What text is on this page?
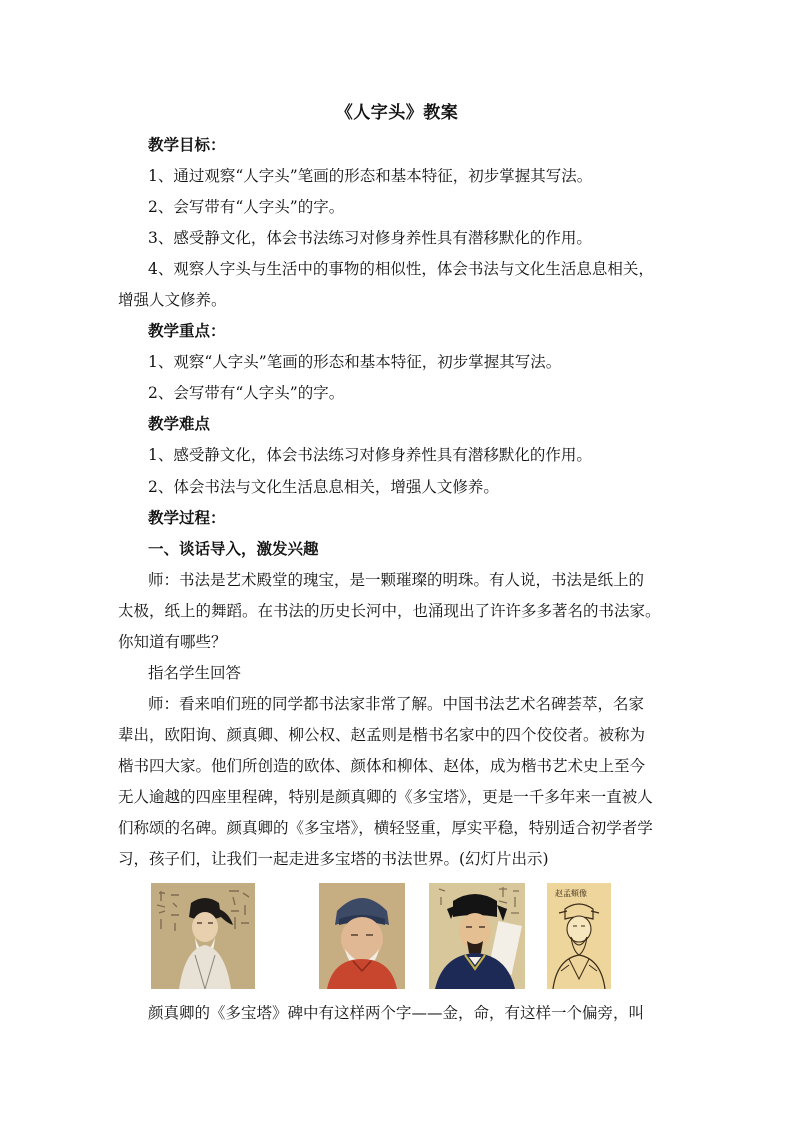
《人字头》教案
教学目标：
1、通过观察“人字头”笔画的形态和基本特征，初步掌握其写法。
2、会写带有“人字头”的字。
3、感受静文化，体会书法练习对修身养性具有潜移默化的作用。
4、观察人字头与生活中的事物的相似性，体会书法与文化生活息息相关，
增强人文修养。
教学重点：
1、观察“人字头”笔画的形态和基本特征，初步掌握其写法。
2、会写带有“人字头”的字。
教学难点
1、感受静文化，体会书法练习对修身养性具有潜移默化的作用。
2、体会书法与文化生活息息相关，增强人文修养。
教学过程：
一、谈话导入，激发兴趣
师：书法是艺术殿堂的瑰宝，是一颗璀璨的明珠。有人说，书法是纸上的
太极，纸上的舞蹈。在书法的历史长河中，也涌现出了许许多多著名的书法家。
你知道有哪些？
指名学生回答
师：看来咱们班的同学都书法家非常了解。中国书法艺术名碑荟萃，名家
辈出，欧阳询、颜真卿、柳公权、赵孟则是楷书名家中的四个佼佼者。被称为
楷书四大家。他们所创造的欧体、颜体和柳体、赵体，成为楷书艺术史上至今
无人逾越的四座里程碑，特别是颜真卿的《多宝塔》，更是一千多年来一直被人
们称颂的名碑。颜真卿的《多宝塔》，横轻竖重，厚实平稳，特别适合初学者学
习，孩子们，让我们一起走进多宝塔的书法世界。(幻灯片出示)
赵孟頫像
颜真卿的《多宝塔》碑中有这样两个字——金，命，有这样一个偏旁，叫
